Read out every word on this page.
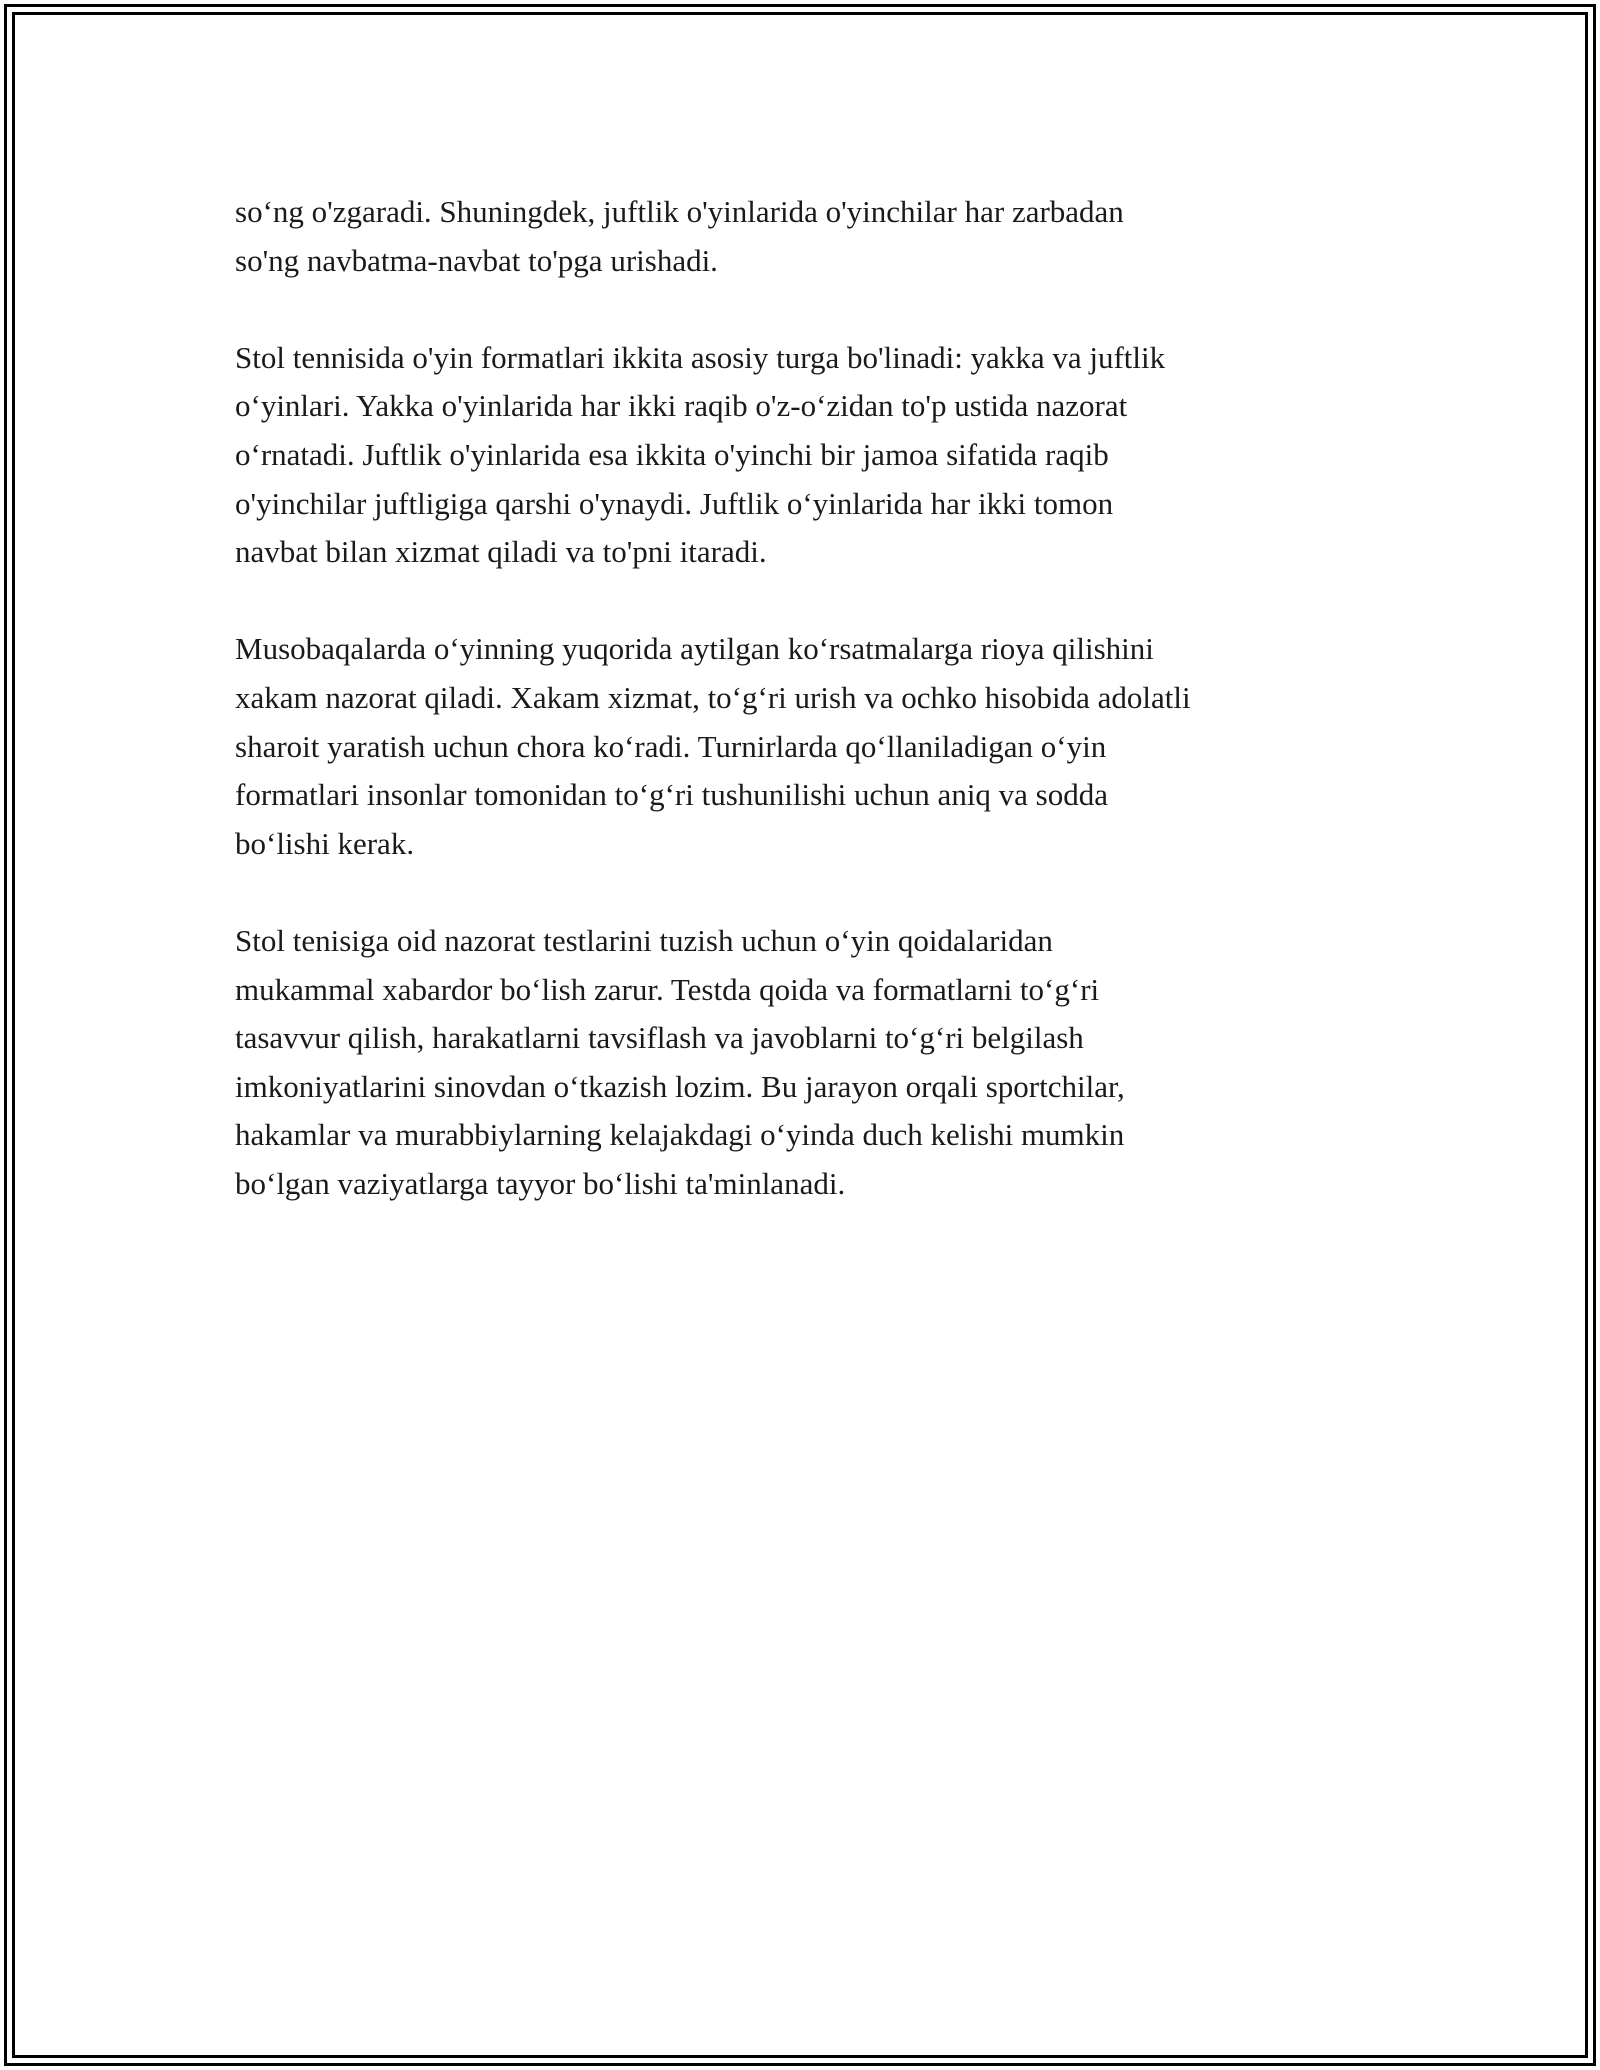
so‘ng o'zgaradi. Shuningdek, juftlik o'yinlarida o'yinchilar har zarbadan
so'ng navbatma-navbat to'pga urishadi.

Stol tennisida o'yin formatlari ikkita asosiy turga bo'linadi: yakka va juftlik
o‘yinlari. Yakka o'yinlarida har ikki raqib o'z-o‘zidan to'p ustida nazorat
o‘rnatadi. Juftlik o'yinlarida esa ikkita o'yinchi bir jamoa sifatida raqib
o'yinchilar juftligiga qarshi o'ynaydi. Juftlik o‘yinlarida har ikki tomon
navbat bilan xizmat qiladi va to'pni itaradi.

Musobaqalarda o‘yinning yuqorida aytilgan ko‘rsatmalarga rioya qilishini
xakam nazorat qiladi. Xakam xizmat, to‘g‘ri urish va ochko hisobida adolatli
sharoit yaratish uchun chora ko‘radi. Turnirlarda qo‘llaniladigan o‘yin
formatlari insonlar tomonidan to‘g‘ri tushunilishi uchun aniq va sodda
bo‘lishi kerak.

Stol tenisiga oid nazorat testlarini tuzish uchun o‘yin qoidalaridan
mukammal xabardor bo‘lish zarur. Testda qoida va formatlarni to‘g‘ri
tasavvur qilish, harakatlarni tavsiflash va javoblarni to‘g‘ri belgilash
imkoniyatlarini sinovdan o‘tkazish lozim. Bu jarayon orqali sportchilar,
hakamlar va murabbiylarning kelajakdagi o‘yinda duch kelishi mumkin
bo‘lgan vaziyatlarga tayyor bo‘lishi ta'minlanadi.
